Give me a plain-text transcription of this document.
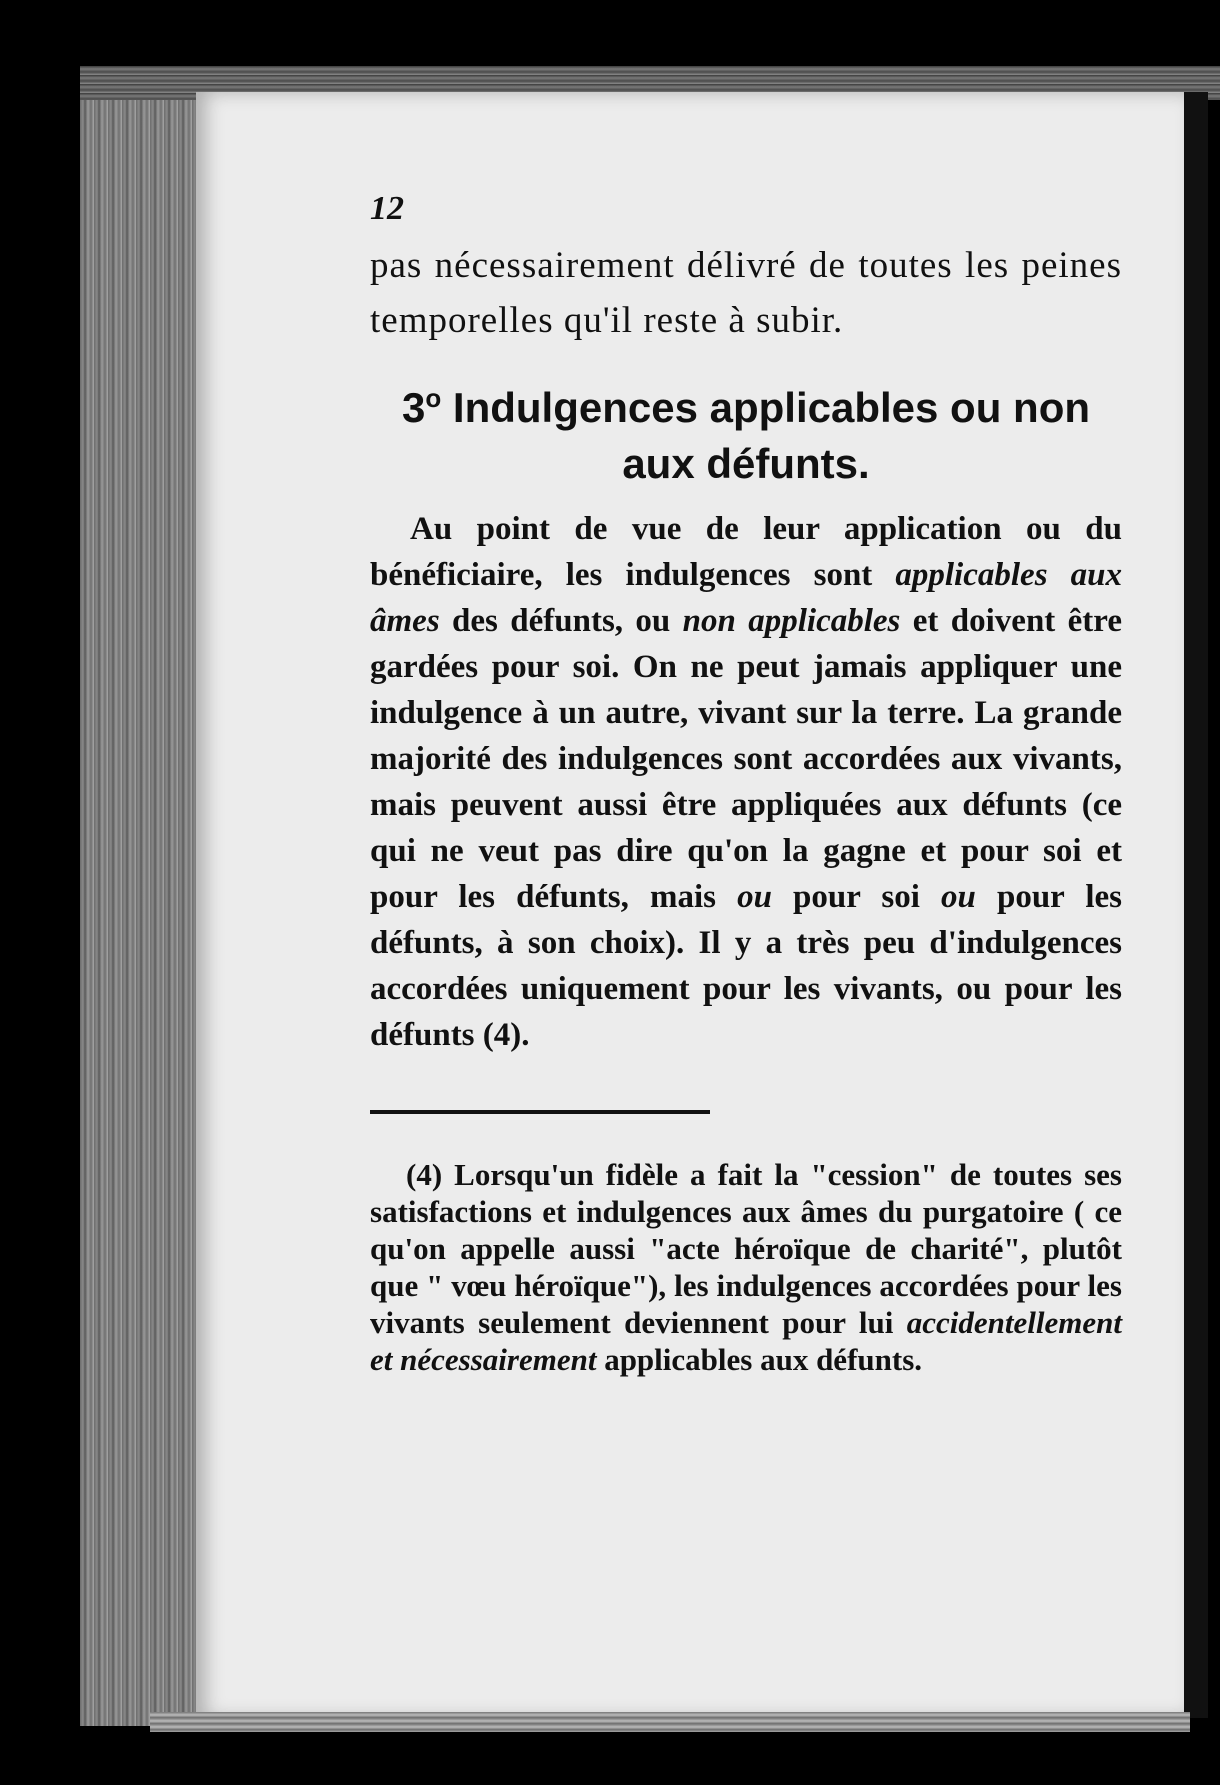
12

pas nécessairement délivré de toutes les peines temporelles qu'il reste à subir.

3$^o$ Indulgences applicables ou non aux défunts.

Au point de vue de leur application ou du bénéficiaire, les indulgences sont applicables aux âmes des défunts, ou non applicables et doivent être gardées pour soi. On ne peut jamais appliquer une indulgence à un autre, vivant sur la terre. La grande majorité des indulgences sont accordées aux vivants, mais peuvent aussi être appliquées aux défunts (ce qui ne veut pas dire qu'on la gagne et pour soi et pour les défunts, mais ou pour soi ou pour les défunts, à son choix). Il y a très peu d'indulgences accordées uniquement pour les vivants, ou pour les défunts (4).

(4) Lorsqu'un fidèle a fait la "cession" de toutes ses satisfactions et indulgences aux âmes du purgatoire ( ce qu'on appelle aussi "acte héroïque de charité", plutôt que " vœu héroïque"), les indulgences accordées pour les vivants seulement deviennent pour lui accidentellement et nécessairement applicables aux défunts.
